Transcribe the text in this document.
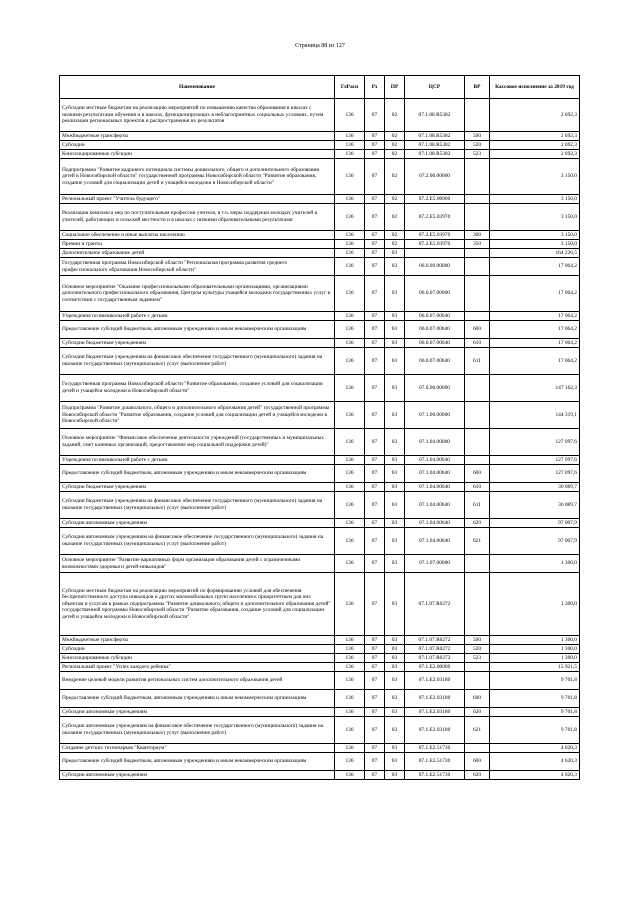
Страница 88 из 127
Наименование	ГлРасп	Рз	ПР	ЦСР	ВР	Кассовое исполнение за 2019 год
Субсидии местным бюджетам на реализацию мероприятий по повышению качества образования в школах с низкими результатами обучения и в школах, функционирующих в неблагоприятных социальных условиях, путем реализации региональных проектов и распространения их результатов	136	07	02	07.1.08.R5382		2 692,3
Межбюджетные трансферты	136	07	02	07.1.08.R5382	500	2 692,3
Субсидии	136	07	02	07.1.08.R5382	520	2 692,3
Консолидированные субсидии	136	07	02	07.1.08.R5382	523	2 692,3
Подпрограмма "Развитие кадрового потенциала системы дошкольного, общего и дополнительного образования детей в Новосибирской области" государственной программы Новосибирской области "Развитие образования, создание условий для социализации детей и учащейся молодежи в Новосибирской области"	136	07	02	07.2.00.00000		3 150,0
Региональный проект "Учитель будущего"	136	07	02	07.2.E5.00000		3 150,0
Реализация комплекса мер по поступательным профессии учителя, в т.ч. меры поддержки молодых учителей и учителей, работающих в сельской местности и в школах с низкими образовательными результатами	136	07	02	07.2.E5.03970		3 150,0
Социальное обеспечение и иные выплаты населению	136	07	02	07.2.E5.03970	300	3 150,0
Премии и гранты	136	07	02	07.2.E5.03970	350	3 150,0
Дополнительное образование детей	136	07	03			164 226,5
Государственная программа Новосибирской области "Региональная программа развития среднего профессионального образования Новосибирской области"	136	07	03	06.0.00.00000		17 064,2
Основное мероприятие "Оказание профессиональными образовательными организациями, организациями дополнительного профессионального образования, Центром культуры учащейся молодежи государственных услуг в соответствии с государственным заданием"	136	07	03	06.0.07.00000		17 064,2
Учреждения по внешкольной работе с детьми	136	07	03	06.0.07.00640		17 064,2
Предоставление субсидий бюджетным, автономным учреждениям и иным некоммерческим организациям	136	07	03	06.0.07.00640	600	17 064,2
Субсидии бюджетным учреждениям	136	07	03	06.0.07.00640	610	17 064,2
Субсидии бюджетным учреждениям на финансовое обеспечение государственного (муниципального) задания на оказание государственных (муниципальных) услуг (выполнение работ)	136	07	03	06.0.07.00640	611	17 064,2
Государственная программа Новосибирской области "Развитие образования, создание условий для социализации детей и учащейся молодежи в Новосибирской области"	136	07	03	07.0.00.00000		147 162,3
Подпрограмма "Развитие дошкольного, общего и дополнительного образования детей" государственной программы Новосибирской области "Развитие образования, создание условий для социализации детей и учащейся молодежи в Новосибирской области"	136	07	03	07.1.00.00000		144 319,1
Основное мероприятие "Финансовое обеспечение деятельности учреждений (государственных и муниципальных заданий, смет казенных организаций, предоставление мер социальной поддержки детей)"	136	07	03	07.1.04.00000		127 097,6
Учреждения по внешкольной работе с детьми	136	07	03	07.1.04.00640		127 097,6
Предоставление субсидий бюджетным, автономным учреждениям и иным некоммерческим организациям	136	07	03	07.1.04.00640	600	127 097,6
Субсидии бюджетным учреждениям	136	07	03	07.1.04.00640	610	30 089,7
Субсидии бюджетным учреждениям на финансовое обеспечение государственного (муниципального) задания на оказание государственных (муниципальных) услуг (выполнение работ)	136	07	03	07.1.04.00640	611	30 089,7
Субсидии автономным учреждениям	136	07	03	07.1.04.00640	620	97 007,9
Субсидии автономным учреждениям на финансовое обеспечение государственного (муниципального) задания на оказание государственных (муниципальных) услуг (выполнение работ)	136	07	03	07.1.04.00640	621	97 007,9
Основное мероприятие "Развитие вариативных форм организации образования детей с ограниченными возможностями здоровья и детей-инвалидов"	136	07	03	07.1.07.00000		1 300,0
Субсидии местным бюджетам на реализацию мероприятий по формированию условий для обеспечения беспрепятственного доступа инвалидов и других маломобильных групп населения к приоритетным для них объектам и услугам в рамках подпрограммы "Развитие дошкольного, общего и дополнительного образования детей" государственной программы Новосибирской области "Развитие образования, создание условий для социализации детей и учащейся молодежи в Новосибирской области"	136	07	03	07.1.07.R0272		1 300,0
Межбюджетные трансферты	136	07	03	07.1.07.R0272	500	1 300,0
Субсидии	136	07	03	07.1.07.R0272	520	1 300,0
Консолидированные субсидии	136	07	03	07.1.07.R0272	523	1 300,0
Региональный проект "Успех каждого ребенка"	136	07	03	07.1.E2.00000		15 921,5
Внедрение целевой модели развития региональных систем дополнительного образования детей	136	07	03	07.1.E2.03180		9 701,8
Предоставление субсидий бюджетным, автономным учреждениям и иным некоммерческим организациям	136	07	03	07.1.E2.03180	600	9 701,8
Субсидии автономным учреждениям	136	07	03	07.1.E2.03180	620	9 701,8
Субсидии автономным учреждениям на финансовое обеспечение государственного (муниципального) задания на оказание государственных (муниципальных) услуг (выполнение работ)	136	07	03	07.1.E2.03180	621	9 701,8
Создание детских технопарков "Кванториум"	136	07	03	07.1.E2.51730		4 620,3
Предоставление субсидий бюджетным, автономным учреждениям и иным некоммерческим организациям	136	07	03	07.1.E2.51730	600	4 620,3
Субсидии автономным учреждениям	136	07	03	07.1.E2.51730	620	4 620,3
